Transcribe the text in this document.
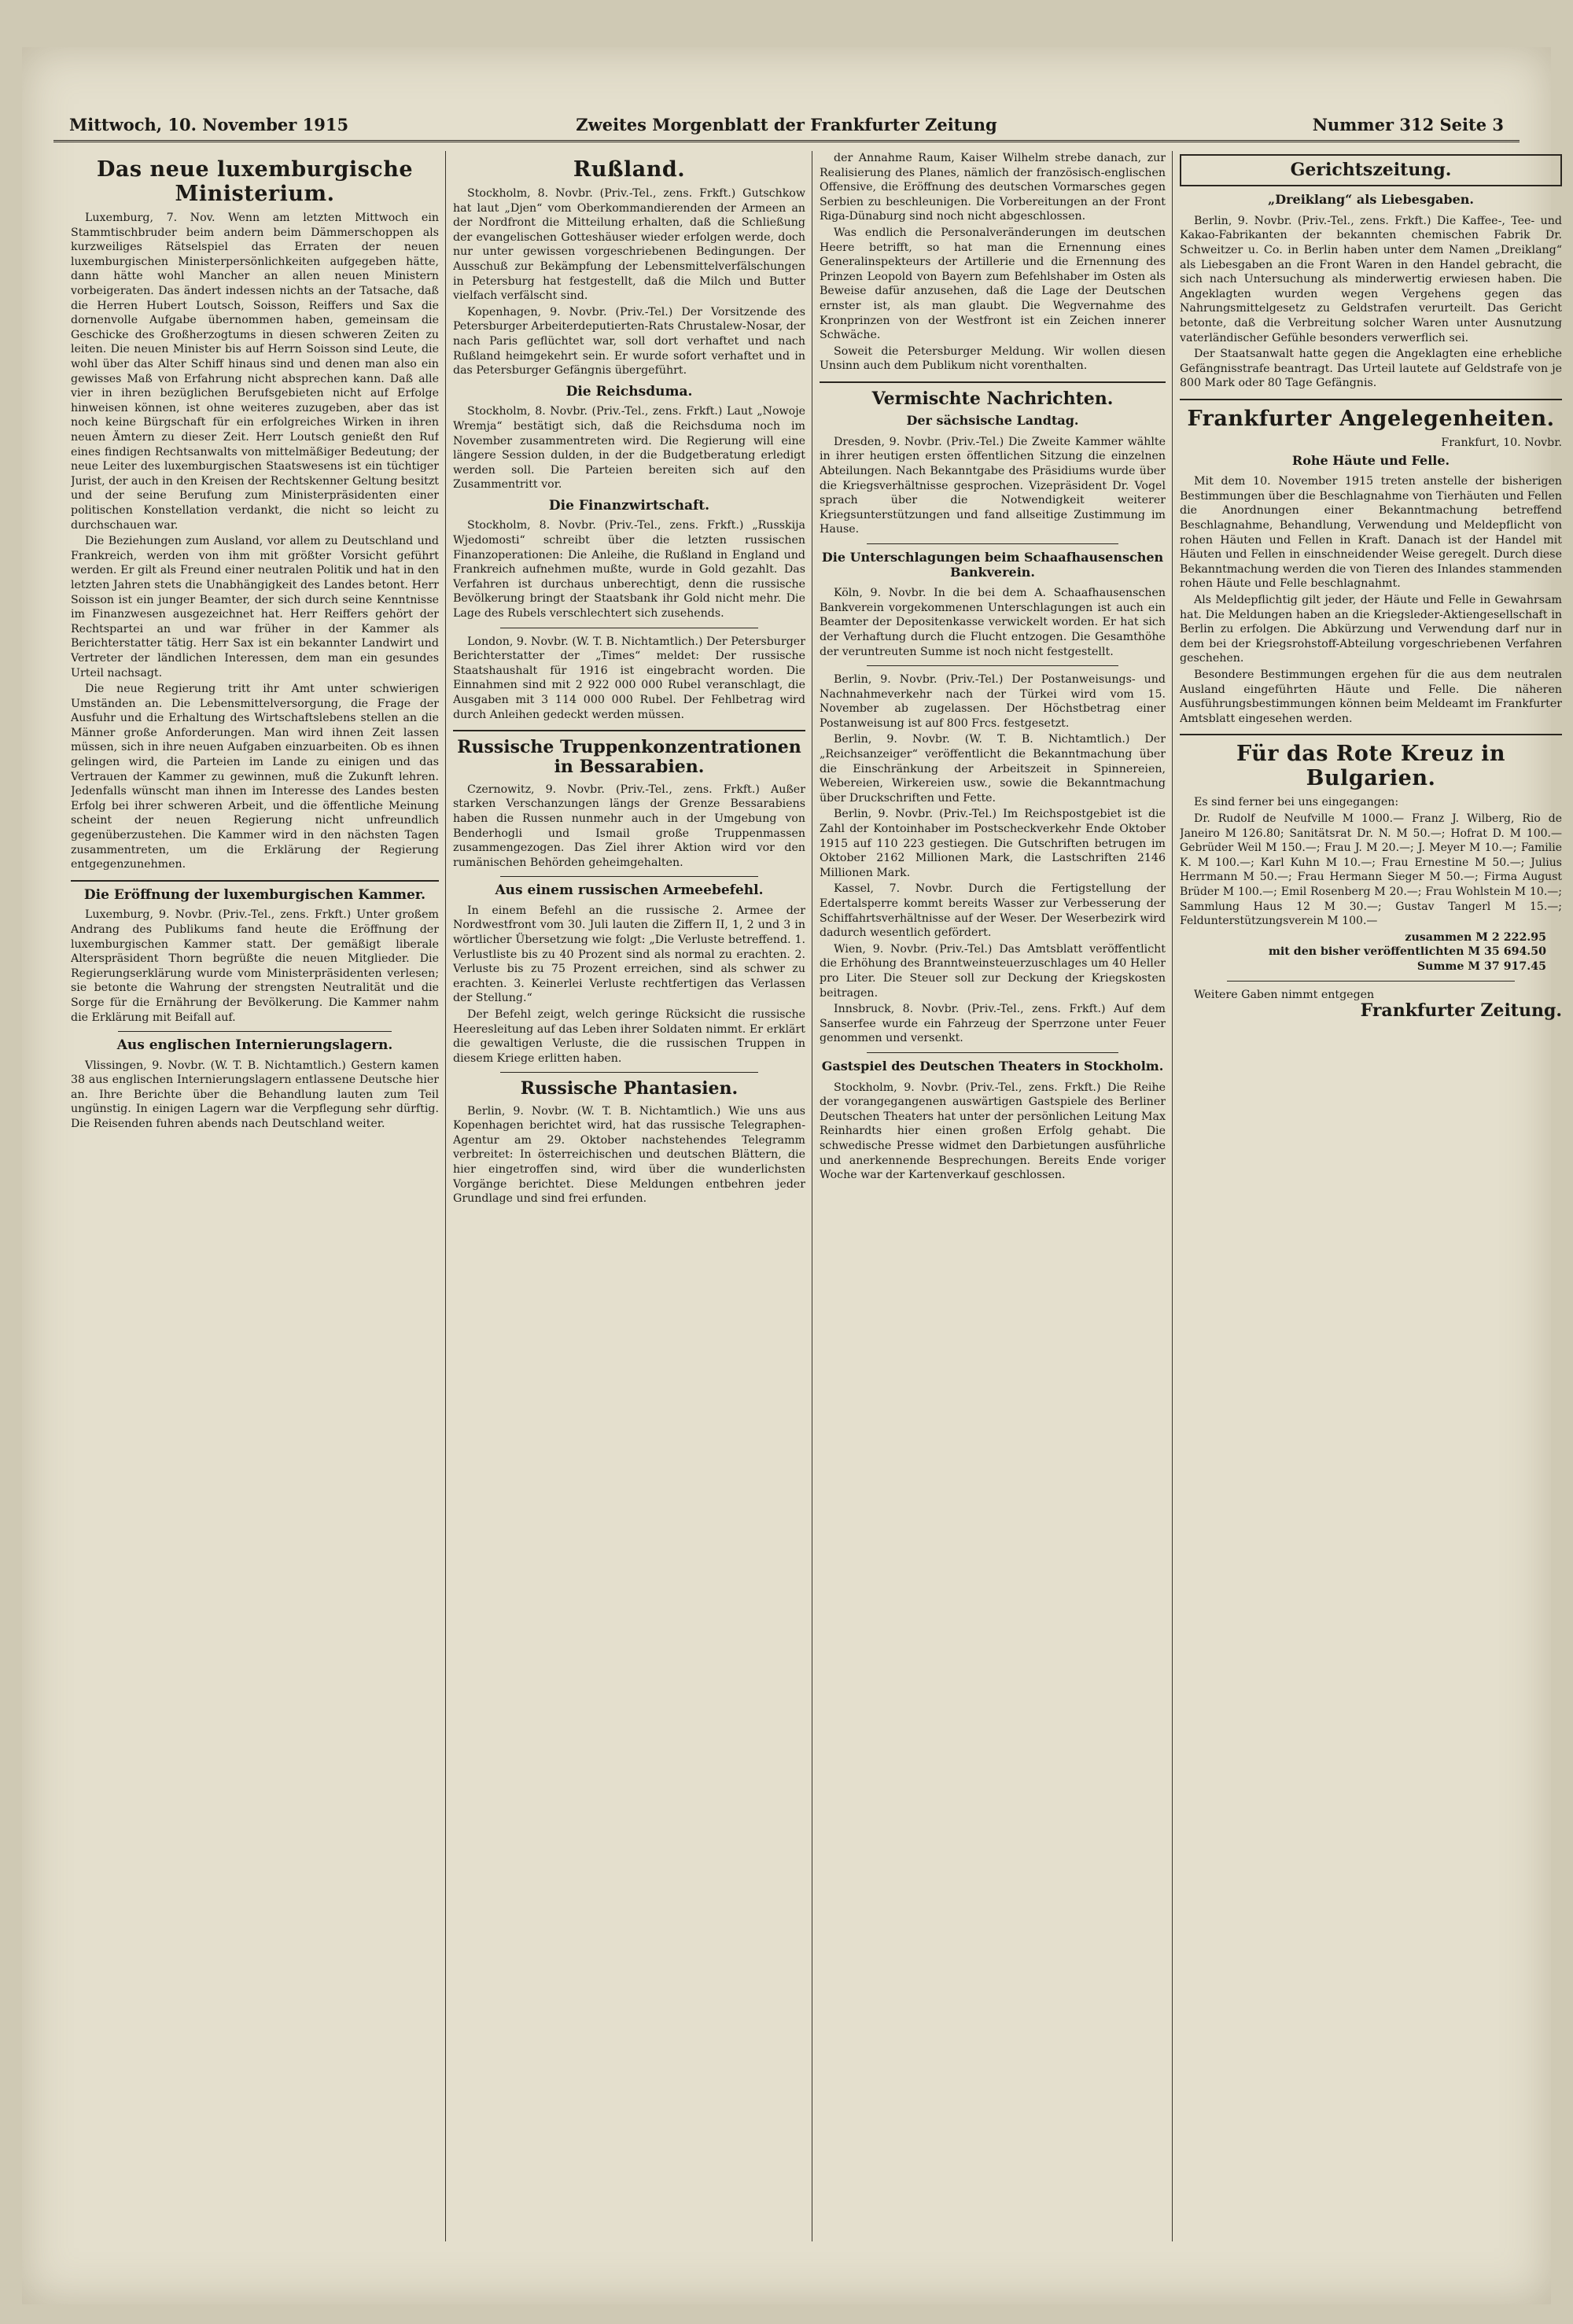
Mittwoch, 10. November 1915	Zweites Morgenblatt der Frankfurter Zeitung	Nummer 312 Seite 3
Das neue luxemburgische Ministerium.

Luxemburg, 7. Nov. Wenn am letzten Mittwoch ein Stammtischbruder beim andern beim Dämmerschoppen als kurzweiliges Rätselspiel das Erraten der neuen luxemburgischen Ministerpersönlichkeiten aufgegeben hätte, dann hätte wohl Mancher an allen neuen Ministern vorbeigeraten. Das ändert indessen nichts an der Tatsache, daß die Herren Hubert Loutsch, Soisson, Reiffers und Sax die dornenvolle Aufgabe übernommen haben, gemeinsam die Geschicke des Großherzogtums in diesen schweren Zeiten zu leiten. Die neuen Minister bis auf Herrn Soisson sind Leute, die wohl über das Alter Schiff hinaus sind und denen man also ein gewisses Maß von Erfahrung nicht absprechen kann. Daß alle vier in ihren bezüglichen Berufsgebieten nicht auf Erfolge hinweisen können, ist ohne weiteres zuzugeben, aber das ist noch keine Bürgschaft für ein erfolgreiches Wirken in ihren neuen Ämtern zu dieser Zeit. Herr Loutsch genießt den Ruf eines findigen Rechtsanwalts von mittelmäßiger Bedeutung; der neue Leiter des luxemburgischen Staatswesens ist ein tüchtiger Jurist, der auch in den Kreisen der Rechtskenner Geltung besitzt und der seine Berufung zum Ministerpräsidenten einer politischen Konstellation verdankt, die nicht so leicht zu durchschauen war.

Die Beziehungen zum Ausland, vor allem zu Deutschland und Frankreich, werden von ihm mit größter Vorsicht geführt werden. Er gilt als Freund einer neutralen Politik und hat in den letzten Jahren stets die Unabhängigkeit des Landes betont. Herr Soisson ist ein junger Beamter, der sich durch seine Kenntnisse im Finanzwesen ausgezeichnet hat. Herr Reiffers gehört der Rechtspartei an und war früher in der Kammer als Berichterstatter tätig. Herr Sax ist ein bekannter Landwirt und Vertreter der ländlichen Interessen, dem man ein gesundes Urteil nachsagt.

Die neue Regierung tritt ihr Amt unter schwierigen Umständen an. Die Lebensmittelversorgung, die Frage der Ausfuhr und die Erhaltung des Wirtschaftslebens stellen an die Männer große Anforderungen. Man wird ihnen Zeit lassen müssen, sich in ihre neuen Aufgaben einzuarbeiten. Ob es ihnen gelingen wird, die Parteien im Lande zu einigen und das Vertrauen der Kammer zu gewinnen, muß die Zukunft lehren. Jedenfalls wünscht man ihnen im Interesse des Landes besten Erfolg bei ihrer schweren Arbeit, und die öffentliche Meinung scheint der neuen Regierung nicht unfreundlich gegenüberzustehen. Die Kammer wird in den nächsten Tagen zusammentreten, um die Erklärung der Regierung entgegenzunehmen.

Die Eröffnung der luxemburgischen Kammer.

Luxemburg, 9. Novbr. (Priv.-Tel., zens. Frkft.) Unter großem Andrang des Publikums fand heute die Eröffnung der luxemburgischen Kammer statt. Der gemäßigt liberale Alterspräsident Thorn begrüßte die neuen Mitglieder. Die Regierungserklärung wurde vom Ministerpräsidenten verlesen; sie betonte die Wahrung der strengsten Neutralität und die Sorge für die Ernährung der Bevölkerung. Die Kammer nahm die Erklärung mit Beifall auf.

Aus englischen Internierungslagern.

Vlissingen, 9. Novbr. (W. T. B. Nichtamtlich.) Gestern kamen 38 aus englischen Internierungslagern entlassene Deutsche hier an. Ihre Berichte über die Behandlung lauten zum Teil ungünstig. In einigen Lagern war die Verpflegung sehr dürftig. Die Reisenden fuhren abends nach Deutschland weiter.

Rußland.

Stockholm, 8. Novbr. (Priv.-Tel., zens. Frkft.) Gutschkow hat laut „Djen“ vom Oberkommandierenden der Armeen an der Nordfront die Mitteilung erhalten, daß die Schließung der evangelischen Gotteshäuser wieder erfolgen werde, doch nur unter gewissen vorgeschriebenen Bedingungen. Der Ausschuß zur Bekämpfung der Lebensmittelverfälschungen in Petersburg hat festgestellt, daß die Milch und Butter vielfach verfälscht sind.

Kopenhagen, 9. Novbr. (Priv.-Tel.) Der Vorsitzende des Petersburger Arbeiterdeputierten-Rats Chrustalew-Nosar, der nach Paris geflüchtet war, soll dort verhaftet und nach Rußland heimgekehrt sein. Er wurde sofort verhaftet und in das Petersburger Gefängnis übergeführt.

Die Reichsduma.

Stockholm, 8. Novbr. (Priv.-Tel., zens. Frkft.) Laut „Nowoje Wremja“ bestätigt sich, daß die Reichsduma noch im November zusammentreten wird. Die Regierung will eine längere Session dulden, in der die Budgetberatung erledigt werden soll. Die Parteien bereiten sich auf den Zusammentritt vor.

Die Finanzwirtschaft.

Stockholm, 8. Novbr. (Priv.-Tel., zens. Frkft.) „Russkija Wjedomosti“ schreibt über die letzten russischen Finanzoperationen: Die Anleihe, die Rußland in England und Frankreich aufnehmen mußte, wurde in Gold gezahlt. Das Verfahren ist durchaus unberechtigt, denn die russische Bevölkerung bringt der Staatsbank ihr Gold nicht mehr. Die Lage des Rubels verschlechtert sich zusehends.

London, 9. Novbr. (W. T. B. Nichtamtlich.) Der Petersburger Berichterstatter der „Times“ meldet: Der russische Staatshaushalt für 1916 ist eingebracht worden. Die Einnahmen sind mit 2 922 000 000 Rubel veranschlagt, die Ausgaben mit 3 114 000 000 Rubel. Der Fehlbetrag wird durch Anleihen gedeckt werden müssen.

Russische Truppenkonzentrationen in Bessarabien.

Czernowitz, 9. Novbr. (Priv.-Tel., zens. Frkft.) Außer starken Verschanzungen längs der Grenze Bessarabiens haben die Russen nunmehr auch in der Umgebung von Benderhogli und Ismail große Truppenmassen zusammengezogen. Das Ziel ihrer Aktion wird vor den rumänischen Behörden geheimgehalten.

Aus einem russischen Armeebefehl.

In einem Befehl an die russische 2. Armee der Nordwestfront vom 30. Juli lauten die Ziffern II, 1, 2 und 3 in wörtlicher Übersetzung wie folgt: „Die Verluste betreffend. 1. Verlustliste bis zu 40 Prozent sind als normal zu erachten. 2. Verluste bis zu 75 Prozent erreichen, sind als schwer zu erachten. 3. Keinerlei Verluste rechtfertigen das Verlassen der Stellung.“

Der Befehl zeigt, welch geringe Rücksicht die russische Heeresleitung auf das Leben ihrer Soldaten nimmt. Er erklärt die gewaltigen Verluste, die die russischen Truppen in diesem Kriege erlitten haben.

Russische Phantasien.

Berlin, 9. Novbr. (W. T. B. Nichtamtlich.) Wie uns aus Kopenhagen berichtet wird, hat das russische Telegraphen-Agentur am 29. Oktober nachstehendes Telegramm verbreitet: In österreichischen und deutschen Blättern, die hier eingetroffen sind, wird über die wunderlichsten Vorgänge berichtet. Diese Meldungen entbehren jeder Grundlage und sind frei erfunden.

der Annahme Raum, Kaiser Wilhelm strebe danach, zur Realisierung des Planes, nämlich der französisch-englischen Offensive, die Eröffnung des deutschen Vormarsches gegen Serbien zu beschleunigen. Die Vorbereitungen an der Front Riga-Dünaburg sind noch nicht abgeschlossen.

Was endlich die Personalveränderungen im deutschen Heere betrifft, so hat man die Ernennung eines Generalinspekteurs der Artillerie und die Ernennung des Prinzen Leopold von Bayern zum Befehlshaber im Osten als Beweise dafür anzusehen, daß die Lage der Deutschen ernster ist, als man glaubt. Die Wegvernahme des Kronprinzen von der Westfront ist ein Zeichen innerer Schwäche.

Soweit die Petersburger Meldung. Wir wollen diesen Unsinn auch dem Publikum nicht vorenthalten.

Vermischte Nachrichten.
Der sächsische Landtag.

Dresden, 9. Novbr. (Priv.-Tel.) Die Zweite Kammer wählte in ihrer heutigen ersten öffentlichen Sitzung die einzelnen Abteilungen. Nach Bekanntgabe des Präsidiums wurde über die Kriegsverhältnisse gesprochen. Vizepräsident Dr. Vogel sprach über die Notwendigkeit weiterer Kriegsunterstützungen und fand allseitige Zustimmung im Hause.

Die Unterschlagungen beim Schaafhausenschen Bankverein.

Köln, 9. Novbr. In die bei dem A. Schaafhausenschen Bankverein vorgekommenen Unterschlagungen ist auch ein Beamter der Depositenkasse verwickelt worden. Er hat sich der Verhaftung durch die Flucht entzogen. Die Gesamthöhe der veruntreuten Summe ist noch nicht festgestellt.

Berlin, 9. Novbr. (Priv.-Tel.) Der Postanweisungs- und Nachnahmeverkehr nach der Türkei wird vom 15. November ab zugelassen. Der Höchstbetrag einer Postanweisung ist auf 800 Frcs. festgesetzt.

Berlin, 9. Novbr. (W. T. B. Nichtamtlich.) Der „Reichsanzeiger“ veröffentlicht die Bekanntmachung über die Einschränkung der Arbeitszeit in Spinnereien, Webereien, Wirkereien usw., sowie die Bekanntmachung über Druckschriften und Fette.

Berlin, 9. Novbr. (Priv.-Tel.) Im Reichspostgebiet ist die Zahl der Kontoinhaber im Postscheckverkehr Ende Oktober 1915 auf 110 223 gestiegen. Die Gutschriften betrugen im Oktober 2162 Millionen Mark, die Lastschriften 2146 Millionen Mark.

Kassel, 7. Novbr. Durch die Fertigstellung der Edertalsperre kommt bereits Wasser zur Verbesserung der Schiffahrtsverhältnisse auf der Weser. Der Weserbezirk wird dadurch wesentlich gefördert.

Wien, 9. Novbr. (Priv.-Tel.) Das Amtsblatt veröffentlicht die Erhöhung des Branntweinsteuerzuschlages um 40 Heller pro Liter. Die Steuer soll zur Deckung der Kriegskosten beitragen.

Innsbruck, 8. Novbr. (Priv.-Tel., zens. Frkft.) Auf dem Sanserfee wurde ein Fahrzeug der Sperrzone unter Feuer genommen und versenkt.

Gastspiel des Deutschen Theaters in Stockholm.

Stockholm, 9. Novbr. (Priv.-Tel., zens. Frkft.) Die Reihe der vorangegangenen auswärtigen Gastspiele des Berliner Deutschen Theaters hat unter der persönlichen Leitung Max Reinhardts hier einen großen Erfolg gehabt. Die schwedische Presse widmet den Darbietungen ausführliche und anerkennende Besprechungen. Bereits Ende voriger Woche war der Kartenverkauf geschlossen.

Gerichtszeitung.
„Dreiklang“ als Liebesgaben.

Berlin, 9. Novbr. (Priv.-Tel., zens. Frkft.) Die Kaffee-, Tee- und Kakao-Fabrikanten der bekannten chemischen Fabrik Dr. Schweitzer u. Co. in Berlin haben unter dem Namen „Dreiklang“ als Liebesgaben an die Front Waren in den Handel gebracht, die sich nach Untersuchung als minderwertig erwiesen haben. Die Angeklagten wurden wegen Vergehens gegen das Nahrungsmittelgesetz zu Geldstrafen verurteilt. Das Gericht betonte, daß die Verbreitung solcher Waren unter Ausnutzung vaterländischer Gefühle besonders verwerflich sei.

Der Staatsanwalt hatte gegen die Angeklagten eine erhebliche Gefängnisstrafe beantragt. Das Urteil lautete auf Geldstrafe von je 800 Mark oder 80 Tage Gefängnis.

Frankfurter Angelegenheiten.
Frankfurt, 10. Novbr.
Rohe Häute und Felle.

Mit dem 10. November 1915 treten anstelle der bisherigen Bestimmungen über die Beschlagnahme von Tierhäuten und Fellen die Anordnungen einer Bekanntmachung betreffend Beschlagnahme, Behandlung, Verwendung und Meldepflicht von rohen Häuten und Fellen in Kraft. Danach ist der Handel mit Häuten und Fellen in einschneidender Weise geregelt. Durch diese Bekanntmachung werden die von Tieren des Inlandes stammenden rohen Häute und Felle beschlagnahmt.

Als Meldepflichtig gilt jeder, der Häute und Felle in Gewahrsam hat. Die Meldungen haben an die Kriegsleder-Aktiengesellschaft in Berlin zu erfolgen. Die Abkürzung und Verwendung darf nur in dem bei der Kriegsrohstoff-Abteilung vorgeschriebenen Verfahren geschehen.

Besondere Bestimmungen ergehen für die aus dem neutralen Ausland eingeführten Häute und Felle. Die näheren Ausführungsbestimmungen können beim Meldeamt im Frankfurter Amtsblatt eingesehen werden.

Für das Rote Kreuz in Bulgarien.

Es sind ferner bei uns eingegangen:

Dr. Rudolf de Neufville M 1000.— Franz J. Wilberg, Rio de Janeiro M 126.80; Sanitätsrat Dr. N. M 50.—; Hofrat D. M 100.— Gebrüder Weil M 150.—; Frau J. M 20.—; J. Meyer M 10.—; Familie K. M 100.—; Karl Kuhn M 10.—; Frau Ernestine M 50.—; Julius Herrmann M 50.—; Frau Hermann Sieger M 50.—; Firma August Brüder M 100.—; Emil Rosenberg M 20.—; Frau Wohlstein M 10.—; Sammlung Haus 12 M 30.—; Gustav Tangerl M 15.—; Feldunterstützungsverein M 100.—

zusammen M 2 222.95
mit den bisher veröffentlichten M 35 694.50
Summe M 37 917.45

Weitere Gaben nimmt entgegen

Frankfurter Zeitung.
